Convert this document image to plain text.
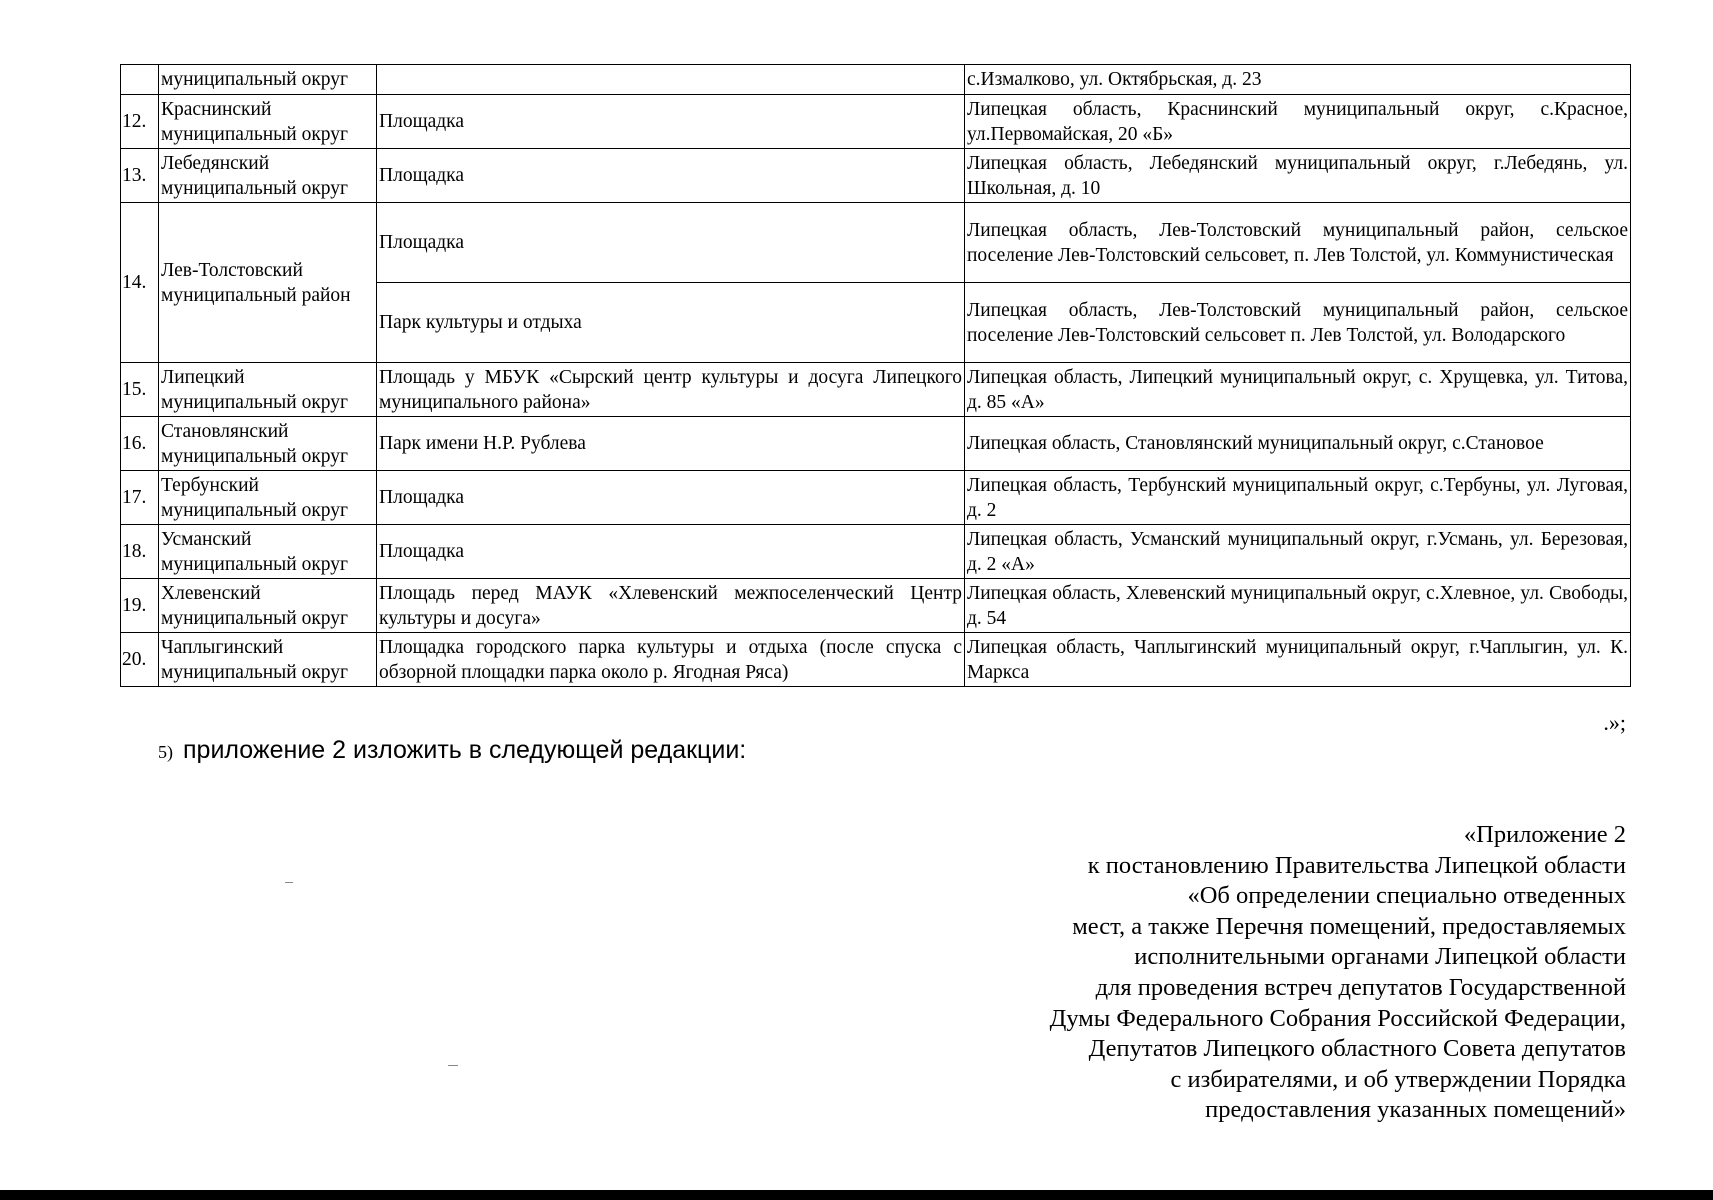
	муниципальный округ		с.Измалково, ул. Октябрьская, д. 23
12.	Краснинский муниципальный округ	Площадка	Липецкая область, Краснинский муниципальный округ, с.Красное, ул.Первомайская, 20 «Б»
13.	Лебедянский муниципальный округ	Площадка	Липецкая область, Лебедянский муниципальный округ, г.Лебедянь, ул. Школьная, д. 10
14.	Лев-Толстовский муниципальный район	Площадка	Липецкая область, Лев-Толстовский муниципальный район, сельское поселение Лев-Толстовский сельсовет, п. Лев Толстой, ул. Коммунистическая
		Парк культуры и отдыха	Липецкая область, Лев-Толстовский муниципальный район, сельское поселение Лев-Толстовский сельсовет п. Лев Толстой, ул. Володарского
15.	Липецкий муниципальный округ	Площадь у МБУК «Сырский центр культуры и досуга Липецкого муниципального района»	Липецкая область, Липецкий муниципальный округ, с. Хрущевка, ул. Титова, д. 85 «А»
16.	Становлянский муниципальный округ	Парк имени Н.Р. Рублева	Липецкая область, Становлянский муниципальный округ, с.Становое
17.	Тербунский муниципальный округ	Площадка	Липецкая область, Тербунский муниципальный округ, с.Тербуны, ул. Луговая, д. 2
18.	Усманский муниципальный округ	Площадка	Липецкая область, Усманский муниципальный округ, г.Усмань, ул. Березовая, д. 2 «А»
19.	Хлевенский муниципальный округ	Площадь перед МАУК «Хлевенский межпоселенческий Центр культуры и досуга»	Липецкая область, Хлевенский муниципальный округ, с.Хлевное, ул. Свободы, д. 54
20.	Чаплыгинский муниципальный округ	Площадка городского парка культуры и отдыха (после спуска с обзорной площадки парка около р. Ягодная Ряса)	Липецкая область, Чаплыгинский муниципальный округ, г.Чаплыгин, ул. К. Маркса
.»;
5) приложение 2 изложить в следующей редакции:
«Приложение 2
к постановлению Правительства Липецкой области
«Об определении специально отведенных
мест, а также Перечня помещений, предоставляемых
исполнительными органами Липецкой области
для проведения встреч депутатов Государственной
Думы Федерального Собрания Российской Федерации,
Депутатов Липецкого областного Совета депутатов
с избирателями, и об утверждении Порядка
предоставления указанных помещений»
